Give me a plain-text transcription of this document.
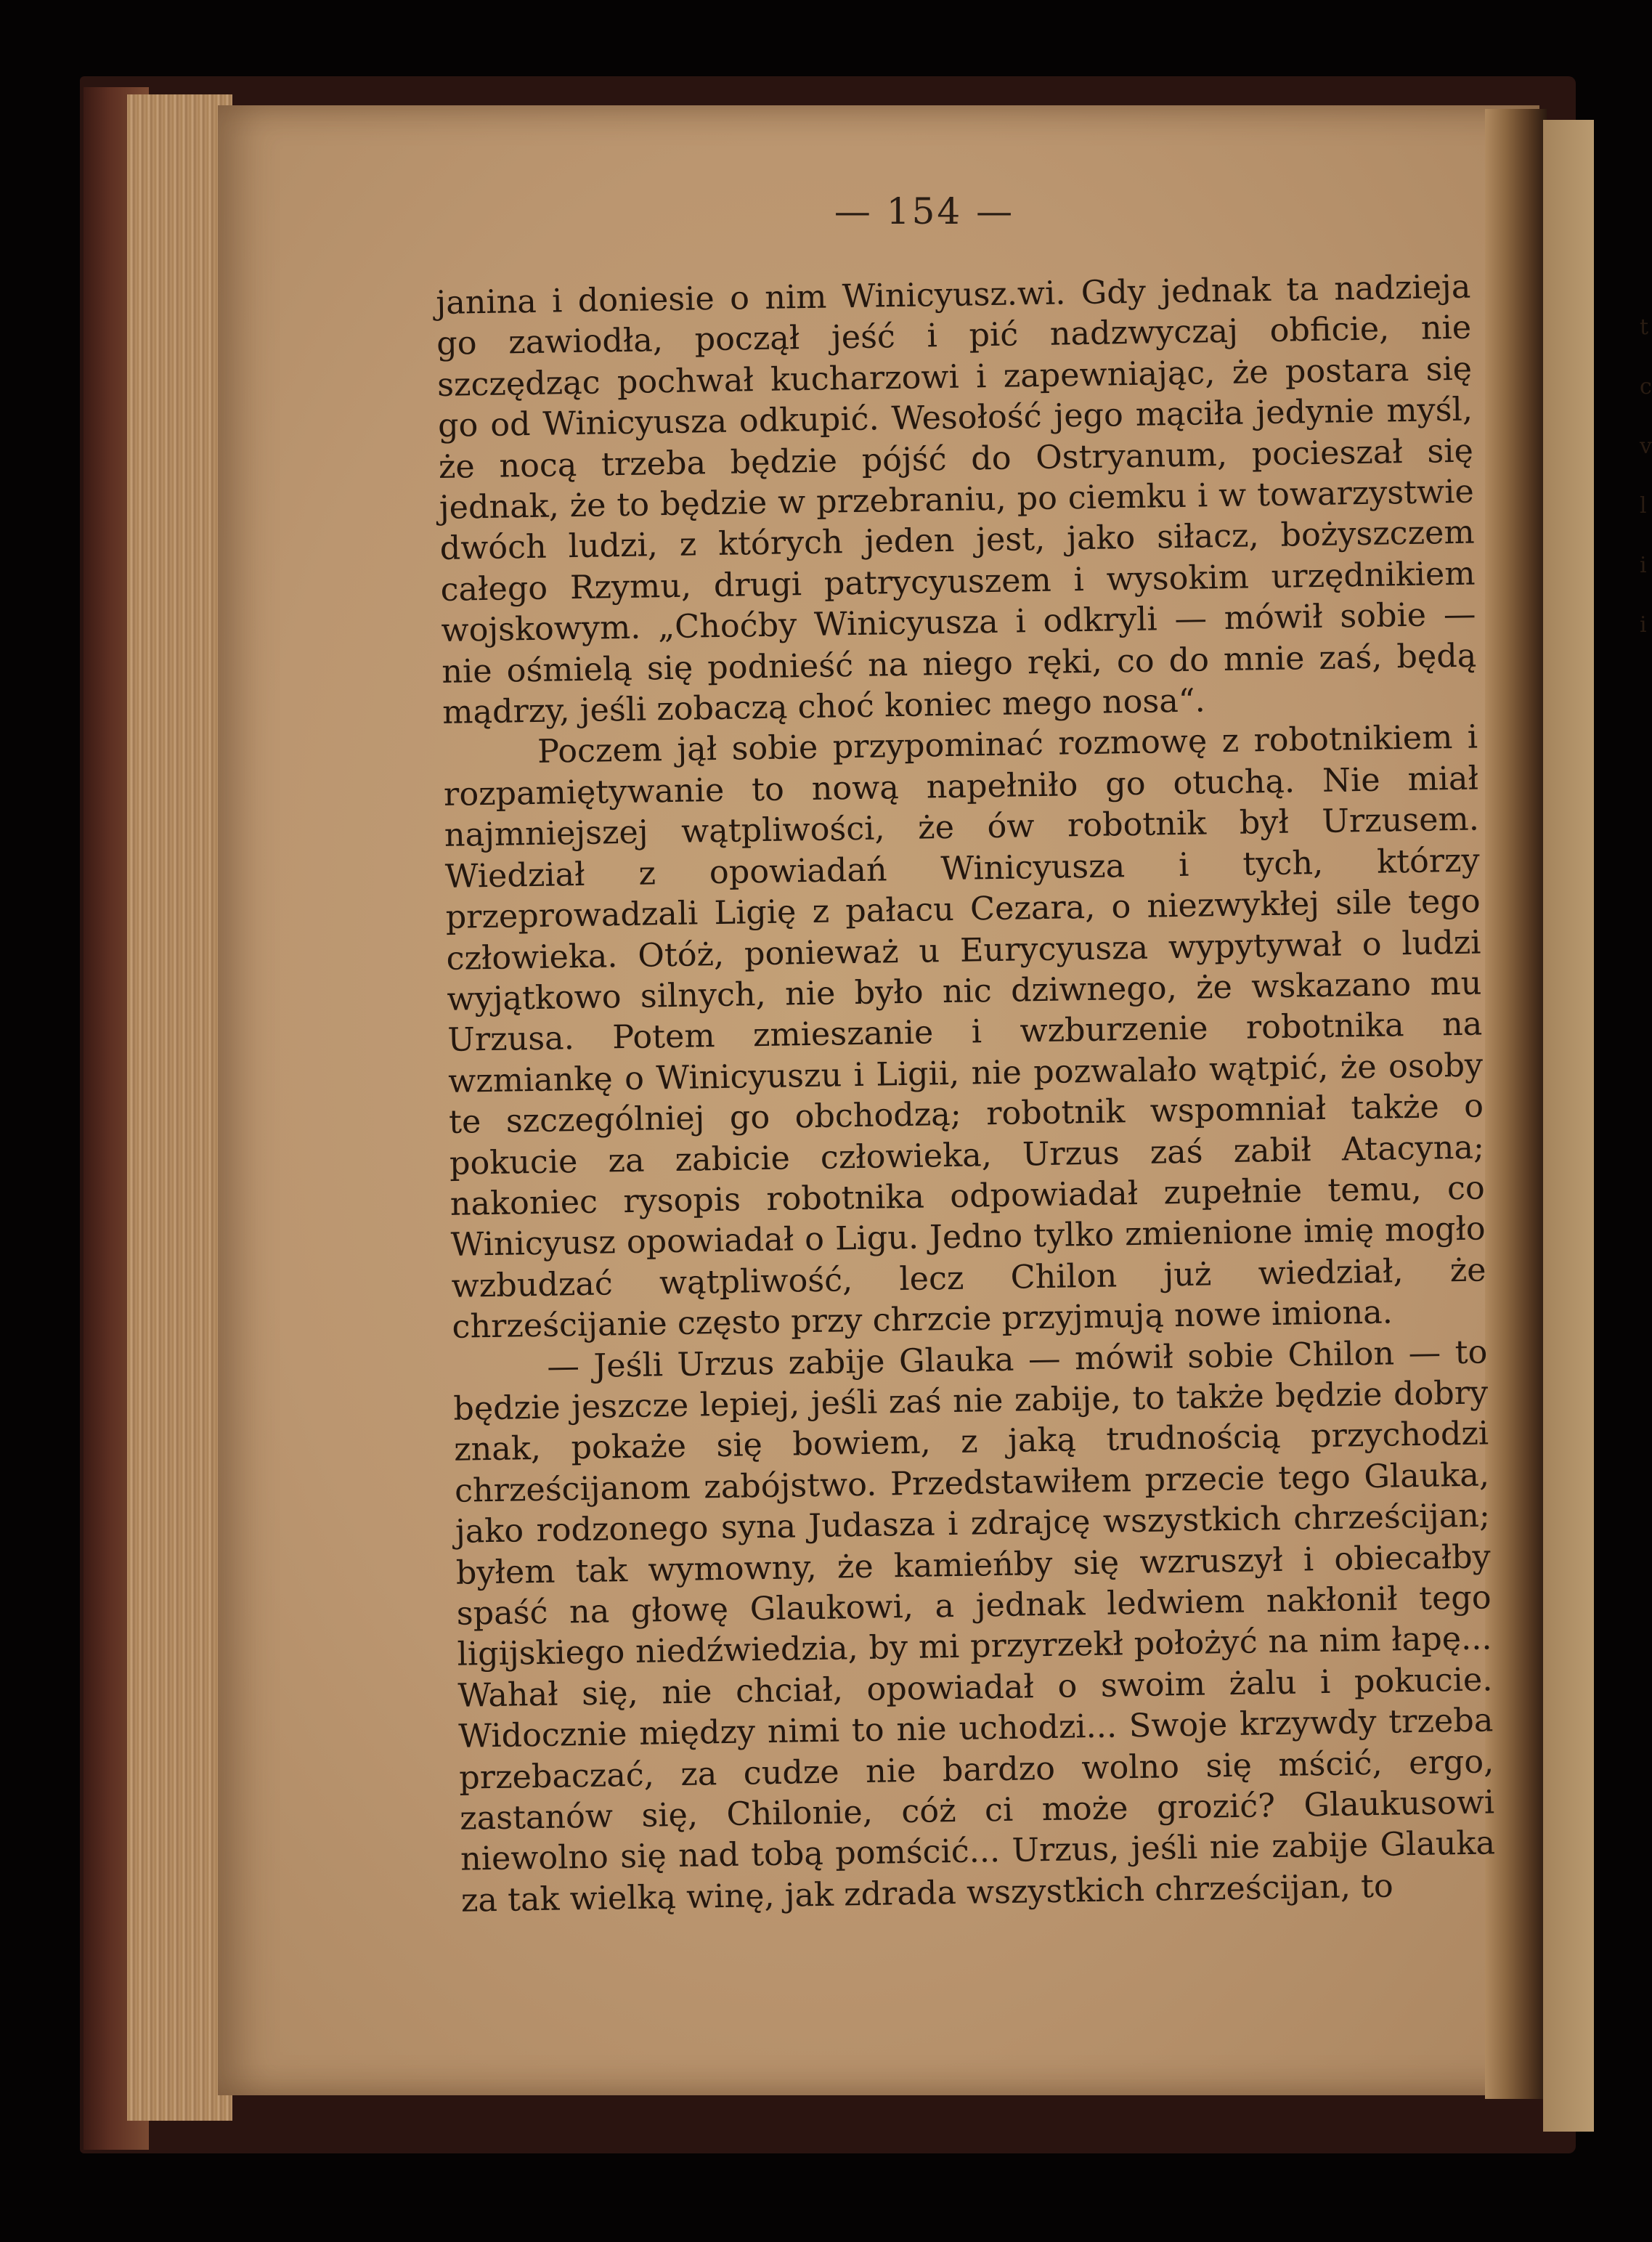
t
c
v
l
i
i
— 154 —

janina i doniesie o nim Winicyusz.wi. Gdy jednak ta nadzieja go zawiodła, począł jeść i pić nadzwyczaj obficie, nie szczędząc pochwał kucharzowi i zapewniając, że postara się go od Winicyusza odkupić. Wesołość jego mąciła jedynie myśl, że nocą trzeba będzie pójść do Ostryanum, pocieszał się jednak, że to będzie w przebraniu, po ciemku i w towarzystwie dwóch ludzi, z których jeden jest, jako siłacz, bożyszczem całego Rzymu, drugi patrycyuszem i wysokim urzędnikiem wojskowym. „Choćby Winicyusza i odkryli — mówił sobie — nie ośmielą się podnieść na niego ręki, co do mnie zaś, będą mądrzy, jeśli zobaczą choć koniec mego nosa“.

Poczem jął sobie przypominać rozmowę z robotnikiem i rozpamiętywanie to nową napełniło go otuchą. Nie miał najmniejszej wątpliwości, że ów robotnik był Urzusem. Wiedział z opowiadań Winicyusza i tych, którzy przeprowadzali Ligię z pałacu Cezara, o niezwykłej sile tego człowieka. Otóż, ponieważ u Eurycyusza wypytywał o ludzi wyjątkowo silnych, nie było nic dziwnego, że wskazano mu Urzusa. Potem zmieszanie i wzburzenie robotnika na wzmiankę o Winicyuszu i Ligii, nie pozwalało wątpić, że osoby te szczególniej go obchodzą; robotnik wspomniał także o pokucie za zabicie człowieka, Urzus zaś zabił Atacyna; nakoniec rysopis robotnika odpowiadał zupełnie temu, co Winicyusz opowiadał o Ligu. Jedno tylko zmienione imię mogło wzbudzać wątpliwość, lecz Chilon już wiedział, że chrześcijanie często przy chrzcie przyjmują nowe imiona.

— Jeśli Urzus zabije Glauka — mówił sobie Chilon — to będzie jeszcze lepiej, jeśli zaś nie zabije, to także będzie dobry znak, pokaże się bowiem, z jaką trudnością przychodzi chrześcijanom zabójstwo. Przedstawiłem przecie tego Glauka, jako rodzonego syna Judasza i zdrajcę wszystkich chrześcijan; byłem tak wymowny, że kamieńby się wzruszył i obiecałby spaść na głowę Glaukowi, a jednak ledwiem nakłonił tego ligijskiego niedźwiedzia, by mi przyrzekł położyć na nim łapę... Wahał się, nie chciał, opowiadał o swoim żalu i pokucie. Widocznie między nimi to nie uchodzi... Swoje krzywdy trzeba przebaczać, za cudze nie bardzo wolno się mścić, ergo, zastanów się, Chilonie, cóż ci może grozić? Glaukusowi niewolno się nad tobą pomścić... Urzus, jeśli nie zabije Glauka za tak wielką winę, jak zdrada wszystkich chrześcijan, to
